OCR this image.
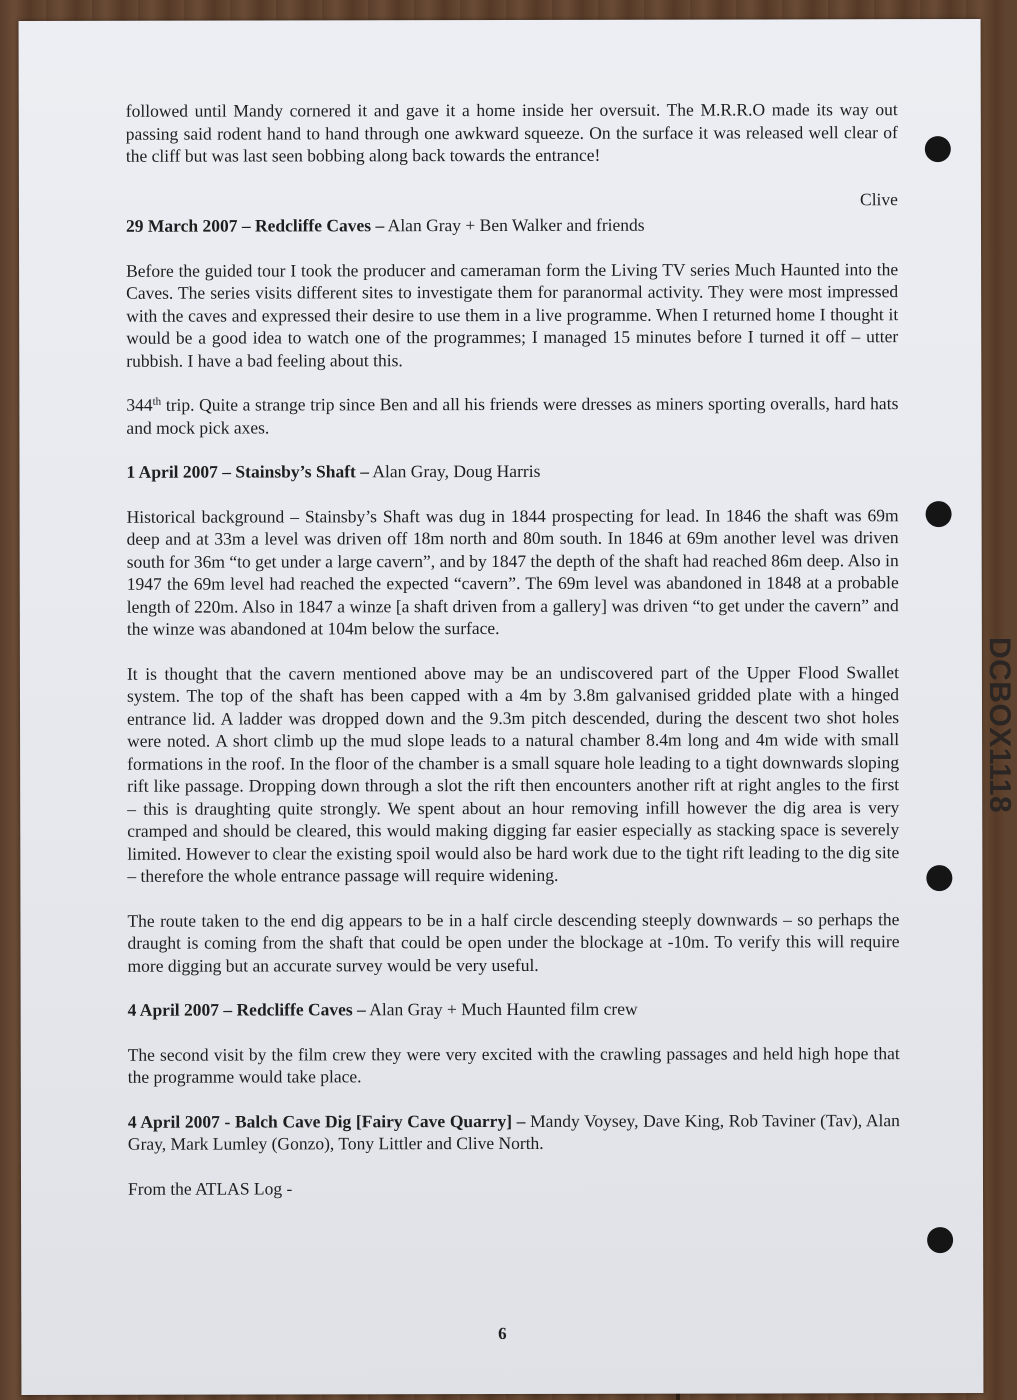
DCBOX1118

followed until Mandy cornered it and gave it a home inside her oversuit. The M.R.R.O made its way out passing said rodent hand to hand through one awkward squeeze. On the surface it was released well clear of the cliff but was last seen bobbing along back towards the entrance!

Clive

29 March 2007 – Redcliffe Caves – Alan Gray + Ben Walker and friends

Before the guided tour I took the producer and cameraman form the Living TV series Much Haunted into the Caves. The series visits different sites to investigate them for paranormal activity. They were most impressed with the caves and expressed their desire to use them in a live programme. When I returned home I thought it would be a good idea to watch one of the programmes; I managed 15 minutes before I turned it off – utter rubbish. I have a bad feeling about this.

344th trip. Quite a strange trip since Ben and all his friends were dresses as miners sporting overalls, hard hats and mock pick axes.

1 April 2007 – Stainsby’s Shaft – Alan Gray, Doug Harris

Historical background – Stainsby’s Shaft was dug in 1844 prospecting for lead. In 1846 the shaft was 69m deep and at 33m a level was driven off 18m north and 80m south. In 1846 at 69m another level was driven south for 36m “to get under a large cavern”, and by 1847 the depth of the shaft had reached 86m deep. Also in 1947 the 69m level had reached the expected “cavern”. The 69m level was abandoned in 1848 at a probable length of 220m. Also in 1847 a winze [a shaft driven from a gallery] was driven “to get under the cavern” and the winze was abandoned at 104m below the surface.

It is thought that the cavern mentioned above may be an undiscovered part of the Upper Flood Swallet system. The top of the shaft has been capped with a 4m by 3.8m galvanised gridded plate with a hinged entrance lid. A ladder was dropped down and the 9.3m pitch descended, during the descent two shot holes were noted. A short climb up the mud slope leads to a natural chamber 8.4m long and 4m wide with small formations in the roof. In the floor of the chamber is a small square hole leading to a tight downwards sloping rift like passage. Dropping down through a slot the rift then encounters another rift at right angles to the first – this is draughting quite strongly. We spent about an hour removing infill however the dig area is very cramped and should be cleared, this would making digging far easier especially as stacking space is severely limited. However to clear the existing spoil would also be hard work due to the tight rift leading to the dig site – therefore the whole entrance passage will require widening.

The route taken to the end dig appears to be in a half circle descending steeply downwards – so perhaps the draught is coming from the shaft that could be open under the blockage at -10m. To verify this will require more digging but an accurate survey would be very useful.

4 April 2007 – Redcliffe Caves – Alan Gray + Much Haunted film crew

The second visit by the film crew they were very excited with the crawling passages and held high hope that the programme would take place.

4 April 2007 - Balch Cave Dig [Fairy Cave Quarry] – Mandy Voysey, Dave King, Rob Taviner (Tav), Alan Gray, Mark Lumley (Gonzo), Tony Littler and Clive North.

From the ATLAS Log -

6
